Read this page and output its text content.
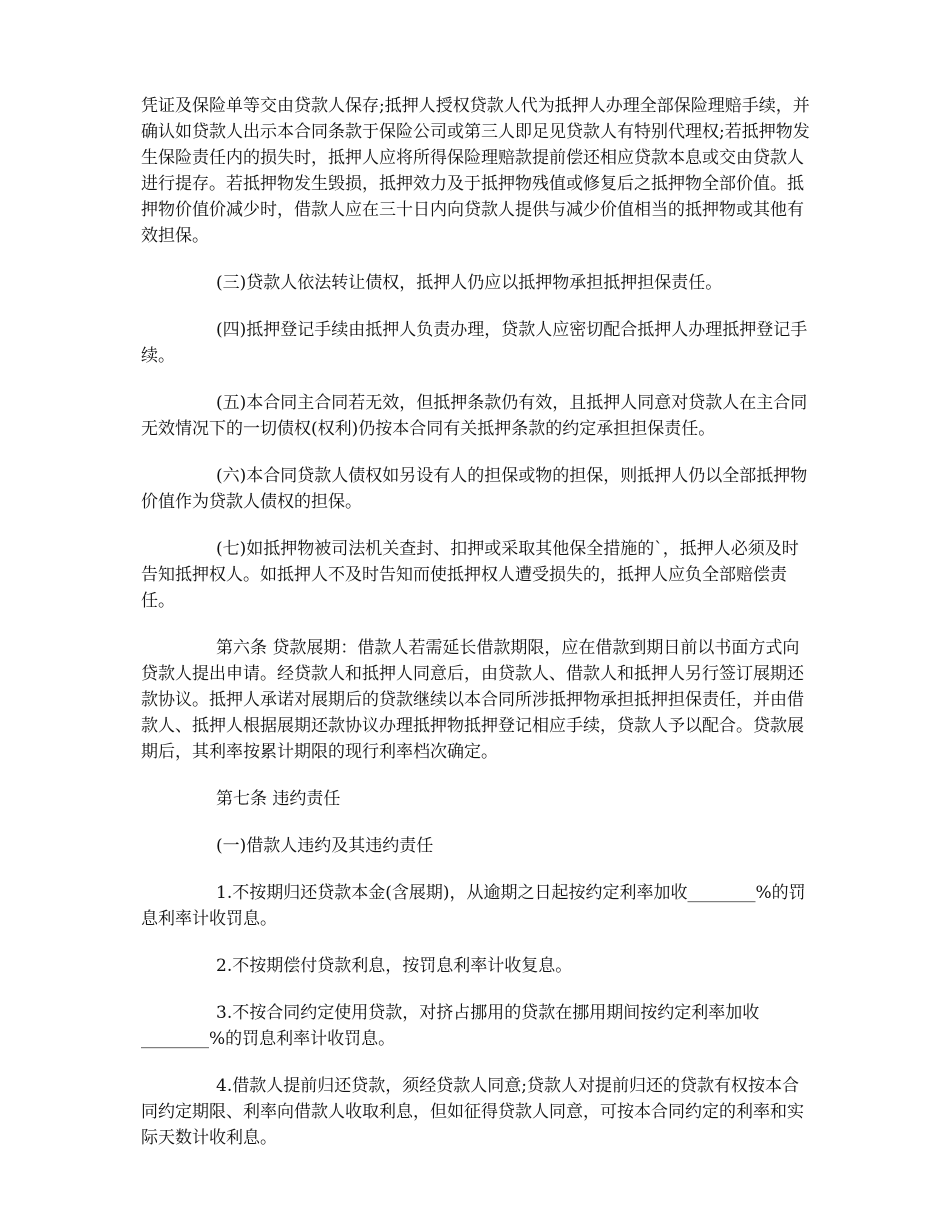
凭证及保险单等交由贷款人保存;抵押人授权贷款人代为抵押人办理全部保险理赔手续，并确认如贷款人出示本合同条款于保险公司或第三人即足见贷款人有特别代理权;若抵押物发生保险责任内的损失时，抵押人应将所得保险理赔款提前偿还相应贷款本息或交由贷款人进行提存。若抵押物发生毁损，抵押效力及于抵押物残值或修复后之抵押物全部价值。抵押物价值价减少时，借款人应在三十日内向贷款人提供与减少价值相当的抵押物或其他有效担保。

(三)贷款人依法转让债权，抵押人仍应以抵押物承担抵押担保责任。

(四)抵押登记手续由抵押人负责办理，贷款人应密切配合抵押人办理抵押登记手续。

(五)本合同主合同若无效，但抵押条款仍有效，且抵押人同意对贷款人在主合同无效情况下的一切债权(权利)仍按本合同有关抵押条款的约定承担担保责任。

(六)本合同贷款人债权如另设有人的担保或物的担保，则抵押人仍以全部抵押物价值作为贷款人债权的担保。

(七)如抵押物被司法机关查封、扣押或采取其他保全措施的`，抵押人必须及时告知抵押权人。如抵押人不及时告知而使抵押权人遭受损失的，抵押人应负全部赔偿责任。

第六条 贷款展期：借款人若需延长借款期限，应在借款到期日前以书面方式向贷款人提出申请。经贷款人和抵押人同意后，由贷款人、借款人和抵押人另行签订展期还款协议。抵押人承诺对展期后的贷款继续以本合同所涉抵押物承担抵押担保责任，并由借款人、抵押人根据展期还款协议办理抵押物抵押登记相应手续，贷款人予以配合。贷款展期后，其利率按累计期限的现行利率档次确定。

第七条 违约责任

(一)借款人违约及其违约责任

1.不按期归还贷款本金(含展期)，从逾期之日起按约定利率加收________%的罚息利率计收罚息。

2.不按期偿付贷款利息，按罚息利率计收复息。

3.不按合同约定使用贷款，对挤占挪用的贷款在挪用期间按约定利率加收________%的罚息利率计收罚息。

4.借款人提前归还贷款，须经贷款人同意;贷款人对提前归还的贷款有权按本合同约定期限、利率向借款人收取利息，但如征得贷款人同意，可按本合同约定的利率和实际天数计收利息。
